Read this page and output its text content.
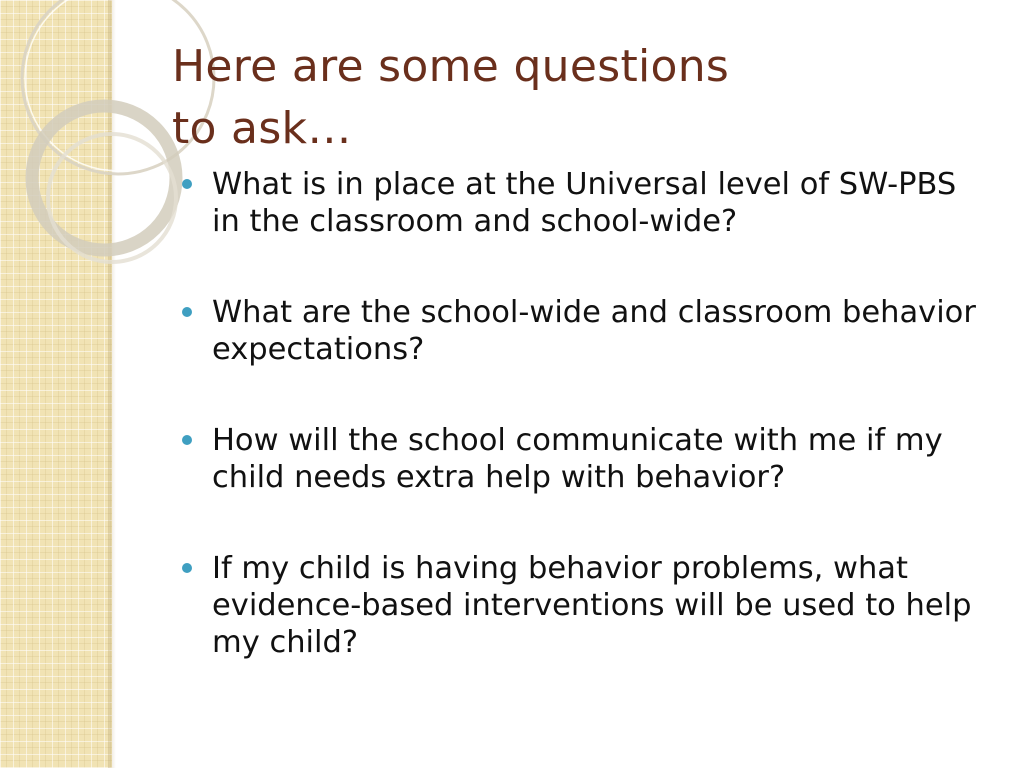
Here are some questions
to ask…
What is in place at the Universal level of SW-PBS in the classroom and school-wide?
What are the school-wide and classroom behavior expectations?
How will the school communicate with me if my child needs extra help with behavior?
If my child is having behavior problems, what evidence-based interventions will be used to help my child?
